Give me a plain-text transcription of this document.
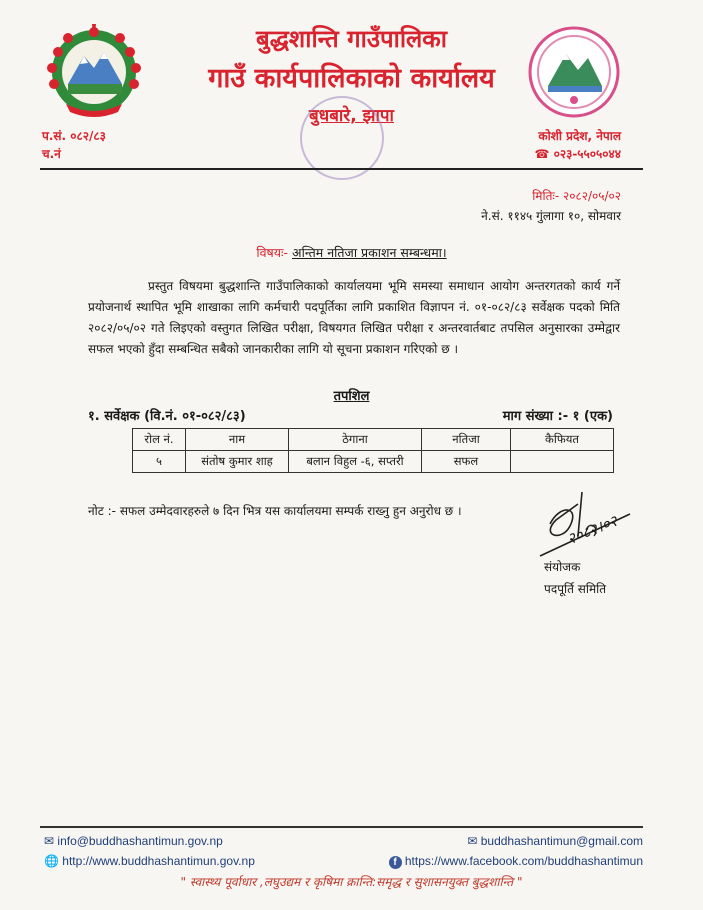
बुद्धशान्ति गाउँपालिका
गाउँ कार्यपालिकाको कार्यालय
बुधबारे, झापा
प.सं. ०८२/८३
च.नं
कोशी प्रदेश, नेपाल
☎ ०२३-५५०५०४४
मितिः- २०८२/०५/०२
ने.सं. ११४५ गुंलागा १०, सोमवार
विषयः- अन्तिम नतिजा प्रकाशन सम्बन्धमा।
प्रस्तुत विषयमा बुद्धशान्ति गाउँपालिकाको कार्यालयमा भूमि समस्या समाधान आयोग अन्तरगतको कार्य गर्ने प्रयोजनार्थ स्थापित भूमि शाखाका लागि कर्मचारी पदपूर्तिका लागि प्रकाशित विज्ञापन नं. ०१-०८२/८३ सर्वेक्षक पदको मिति २०८२/०५/०२ गते लिइएको वस्तुगत लिखित परीक्षा, विषयगत लिखित परीक्षा र अन्तरवार्तबाट तपसिल अनुसारका उम्मेद्वार सफल भएको हुँदा सम्बन्धित सबैको जानकारीका लागि यो सूचना प्रकाशन गरिएको छ ।
तपशिल
१. सर्वेक्षक (वि.नं. ०१-०८२/८३)	माग संख्या :- १ (एक)
रोल नं.	नाम	ठेगाना	नतिजा	कैफियत
५	संतोष कुमार शाह	बलान विहुल -६, सप्तरी	सफल	
नोट :- सफल उम्मेदवारहरुले ७ दिन भित्र यस कार्यालयमा सम्पर्क राख्नु हुन अनुरोध छ ।
२०८२।०२
संयोजक
पदपूर्ति समिति
✉ info@buddhashantimun.gov.np	✉ buddhashantimun@gmail.com
🌐 http://www.buddhashantimun.gov.np	f https://www.facebook.com/buddhashantimun
" स्वास्थ्य पूर्वाधार ,लघुउद्यम र कृषिमा क्रान्ति:समृद्ध र सुशासनयुक्त बुद्धशान्ति "
